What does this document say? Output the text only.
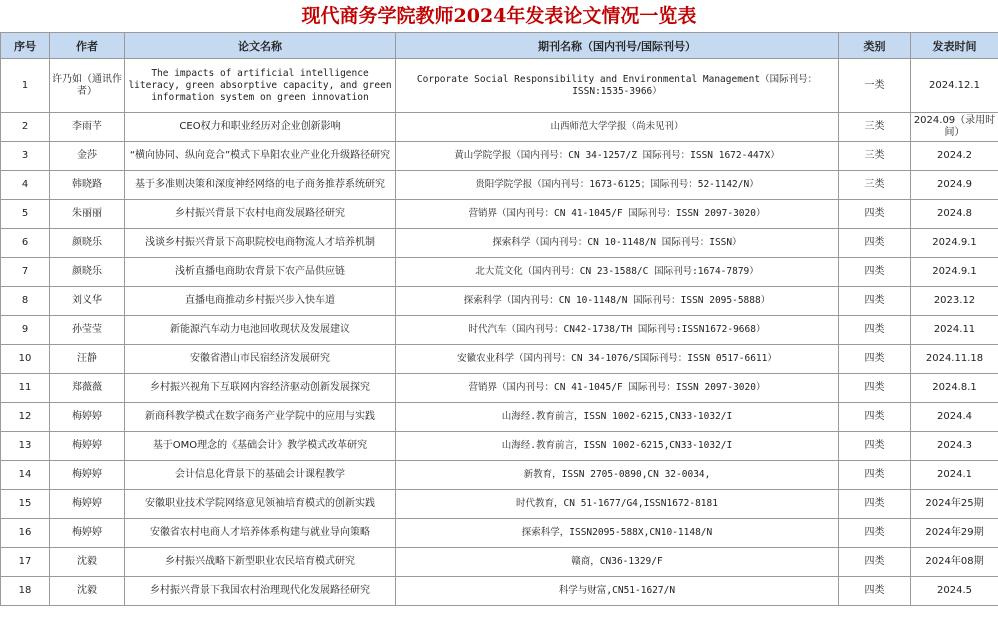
现代商务学院教师2024年发表论文情况一览表
序号	作者	论文名称	期刊名称（国内刊号/国际刊号）	类别	发表时间
1	许乃如（通讯作者）	The impacts of artificial intelligence literacy, green absorptive capacity, and green information system on green innovation	Corporate Social Responsibility and Environmental Management（国际刊号：ISSN:1535-3966）	一类	2024.12.1
2	李雨芊	CEO权力和职业经历对企业创新影响	山西师范大学学报（尚未见刊）	三类	2024.09（录用时间）
3	金莎	“横向协同、纵向竞合”模式下阜阳农业产业化升级路径研究	黄山学院学报（国内刊号：CN 34-1257/Z 国际刊号：ISSN 1672-447X）	三类	2024.2
4	韩晓路	基于多准则决策和深度神经网络的电子商务推荐系统研究	贵阳学院学报（国内刊号：1673-6125；国际刊号：52-1142/N）	三类	2024.9
5	朱丽丽	乡村振兴背景下农村电商发展路径研究	营销界（国内刊号：CN 41-1045/F 国际刊号：ISSN 2097-3020）	四类	2024.8
6	颜晓乐	浅谈乡村振兴背景下高职院校电商物流人才培养机制	探索科学（国内刊号：CN 10-1148/N 国际刊号：ISSN）	四类	2024.9.1
7	颜晓乐	浅析直播电商助农背景下农产品供应链	北大荒文化（国内刊号：CN 23-1588/C 国际刊号:1674-7879）	四类	2024.9.1
8	刘义华	直播电商推动乡村振兴步入快车道	探索科学（国内刊号：CN 10-1148/N 国际刊号：ISSN 2095-5888）	四类	2023.12
9	孙莹莹	新能源汽车动力电池回收现状及发展建议	时代汽车（国内刊号：CN42-1738/TH 国际刊号:ISSN1672-9668）	四类	2024.11
10	汪静	安徽省潜山市民宿经济发展研究	安徽农业科学（国内刊号：CN 34-1076/S国际刊号：ISSN 0517-6611）	四类	2024.11.18
11	郑薇薇	乡村振兴视角下互联网内容经济驱动创新发展探究	营销界（国内刊号：CN 41-1045/F 国际刊号：ISSN 2097-3020）	四类	2024.8.1
12	梅婷婷	新商科教学模式在数字商务产业学院中的应用与实践	山海经.教育前言，ISSN 1002-6215,CN33-1032/I	四类	2024.4
13	梅婷婷	基于OMO理念的《基础会计》教学模式改革研究	山海经.教育前言，ISSN 1002-6215,CN33-1032/I	四类	2024.3
14	梅婷婷	会计信息化背景下的基础会计课程教学	新教育，ISSN 2705-0890,CN 32-0034,	四类	2024.1
15	梅婷婷	安徽职业技术学院网络意见领袖培育模式的创新实践	时代教育，CN 51-1677/G4,ISSN1672-8181	四类	2024年25期
16	梅婷婷	安徽省农村电商人才培养体系构建与就业导向策略	探索科学，ISSN2095-588X,CN10-1148/N	四类	2024年29期
17	沈毅	乡村振兴战略下新型职业农民培育模式研究	赣商，CN36-1329/F	四类	2024年08期
18	沈毅	乡村振兴背景下我国农村治理现代化发展路径研究	科学与财富,CN51-1627/N	四类	2024.5
